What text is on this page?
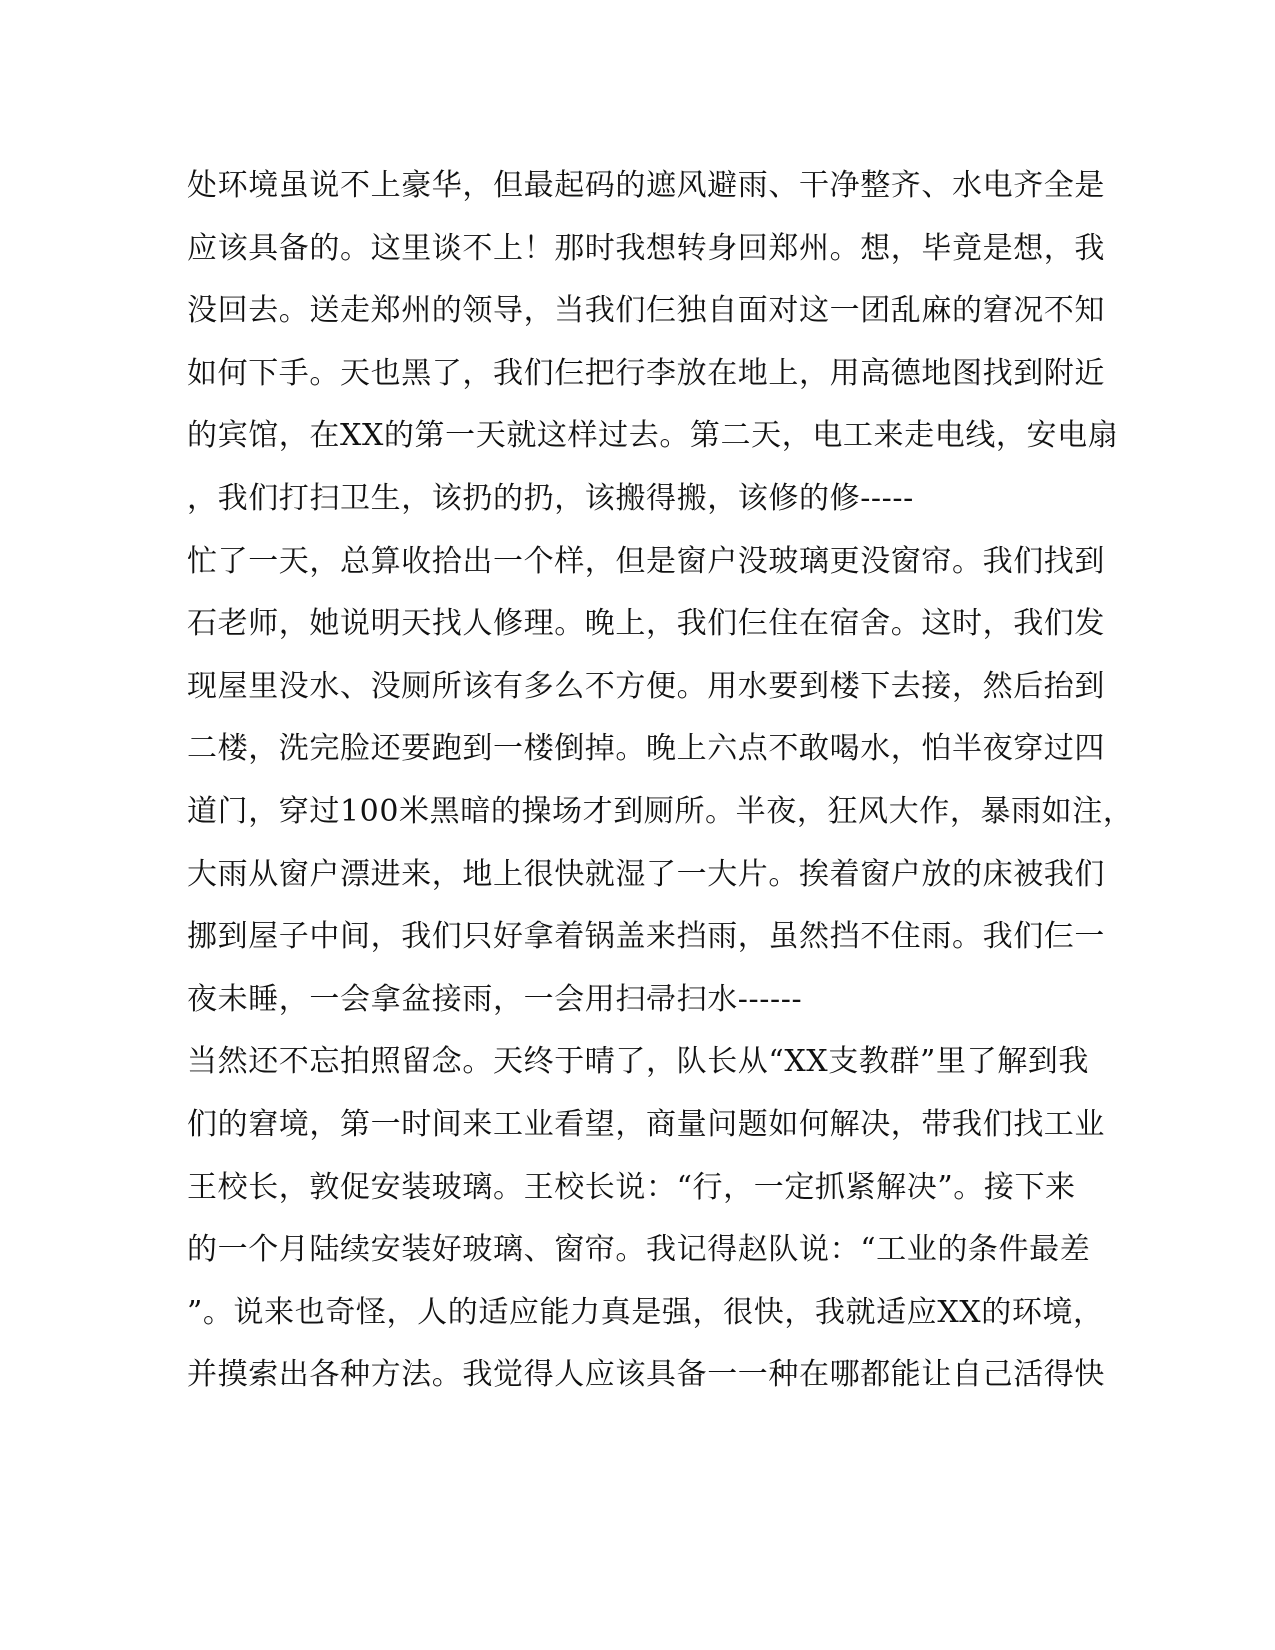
处环境虽说不上豪华，但最起码的遮风避雨、干净整齐、水电齐全是
应该具备的。这里谈不上！那时我想转身回郑州。想，毕竟是想，我
没回去。送走郑州的领导，当我们仨独自面对这一团乱麻的窘况不知
如何下手。天也黑了，我们仨把行李放在地上，用高德地图找到附近
的宾馆，在XX的第一天就这样过去。第二天，电工来走电线，安电扇
，我们打扫卫生，该扔的扔，该搬得搬，该修的修-----
忙了一天，总算收拾出一个样，但是窗户没玻璃更没窗帘。我们找到
石老师，她说明天找人修理。晚上，我们仨住在宿舍。这时，我们发
现屋里没水、没厕所该有多么不方便。用水要到楼下去接，然后抬到
二楼，洗完脸还要跑到一楼倒掉。晚上六点不敢喝水，怕半夜穿过四
道门，穿过100米黑暗的操场才到厕所。半夜，狂风大作，暴雨如注，
大雨从窗户漂进来，地上很快就湿了一大片。挨着窗户放的床被我们
挪到屋子中间，我们只好拿着锅盖来挡雨，虽然挡不住雨。我们仨一
夜未睡，一会拿盆接雨，一会用扫帚扫水------
当然还不忘拍照留念。天终于晴了，队长从“XX支教群”里了解到我
们的窘境，第一时间来工业看望，商量问题如何解决，带我们找工业
王校长，敦促安装玻璃。王校长说：“行，一定抓紧解决”。接下来
的一个月陆续安装好玻璃、窗帘。我记得赵队说：“工业的条件最差
”。说来也奇怪，人的适应能力真是强，很快，我就适应XX的环境，
并摸索出各种方法。我觉得人应该具备一一种在哪都能让自己活得快
